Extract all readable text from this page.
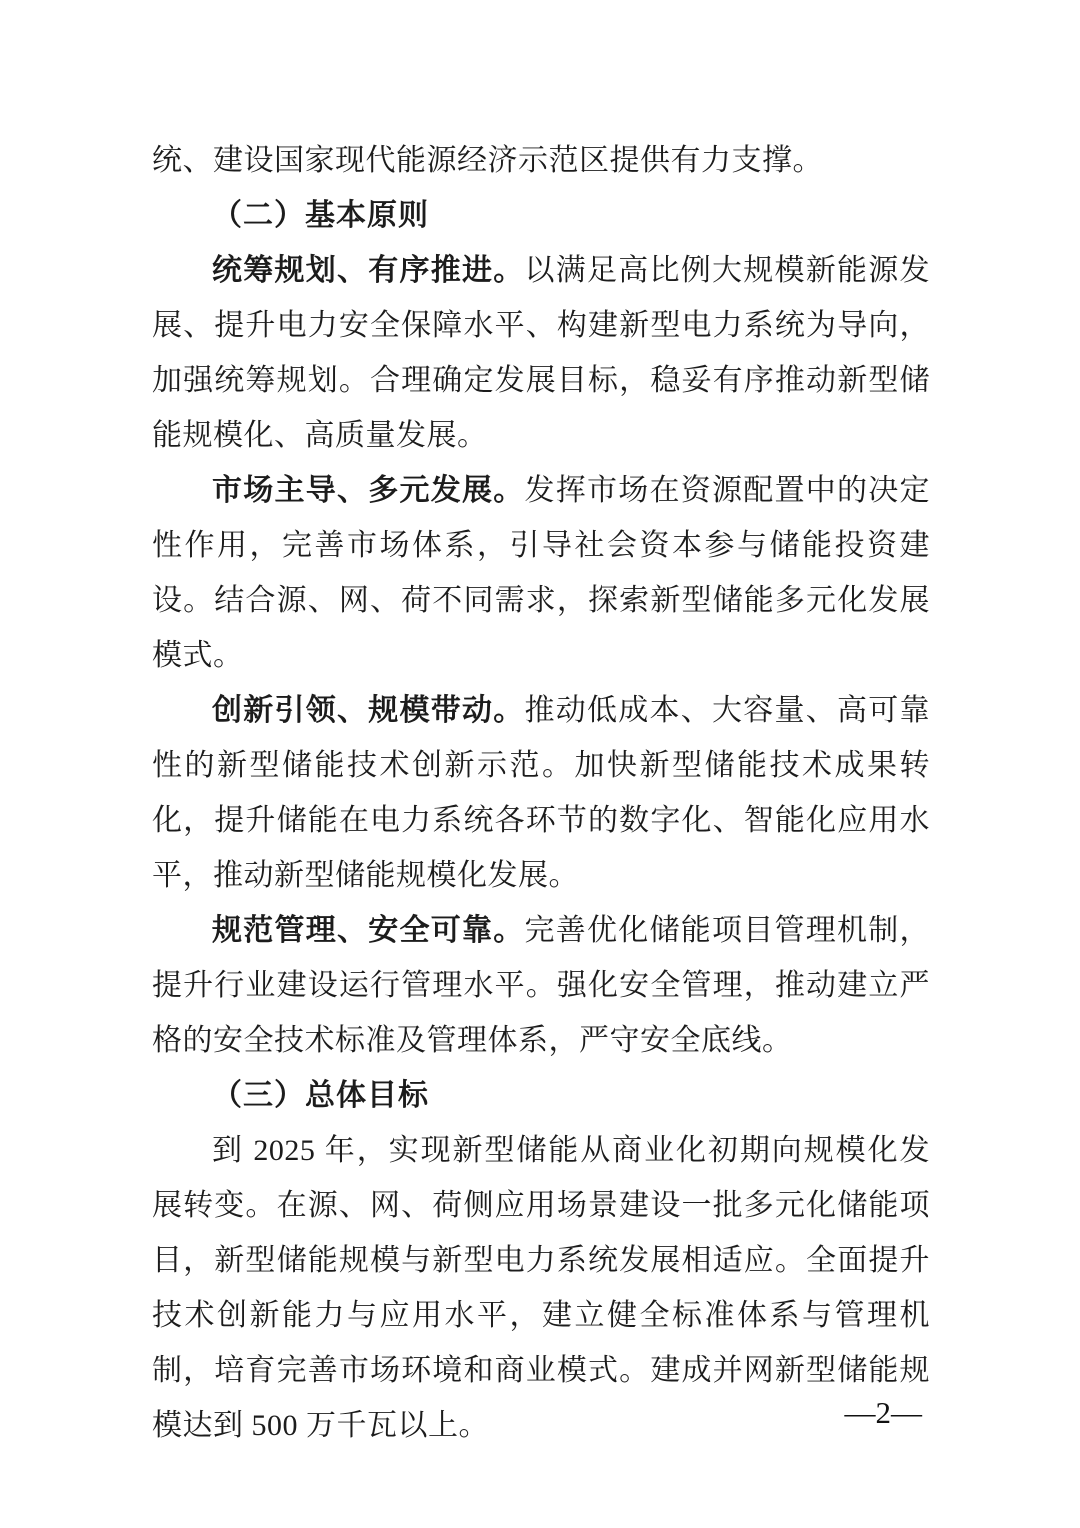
统、建设国家现代能源经济示范区提供有力支撑。

（二）基本原则

统筹规划、有序推进。以满足高比例大规模新能源发展、提升电力安全保障水平、构建新型电力系统为导向，加强统筹规划。合理确定发展目标，稳妥有序推动新型储能规模化、高质量发展。

市场主导、多元发展。发挥市场在资源配置中的决定性作用，完善市场体系，引导社会资本参与储能投资建设。结合源、网、荷不同需求，探索新型储能多元化发展模式。

创新引领、规模带动。推动低成本、大容量、高可靠性的新型储能技术创新示范。加快新型储能技术成果转化，提升储能在电力系统各环节的数字化、智能化应用水平，推动新型储能规模化发展。

规范管理、安全可靠。完善优化储能项目管理机制，提升行业建设运行管理水平。强化安全管理，推动建立严格的安全技术标准及管理体系，严守安全底线。

（三）总体目标

到 2025 年，实现新型储能从商业化初期向规模化发展转变。在源、网、荷侧应用场景建设一批多元化储能项目，新型储能规模与新型电力系统发展相适应。全面提升技术创新能力与应用水平，建立健全标准体系与管理机制，培育完善市场环境和商业模式。建成并网新型储能规模达到 500 万千瓦以上。	—2—
